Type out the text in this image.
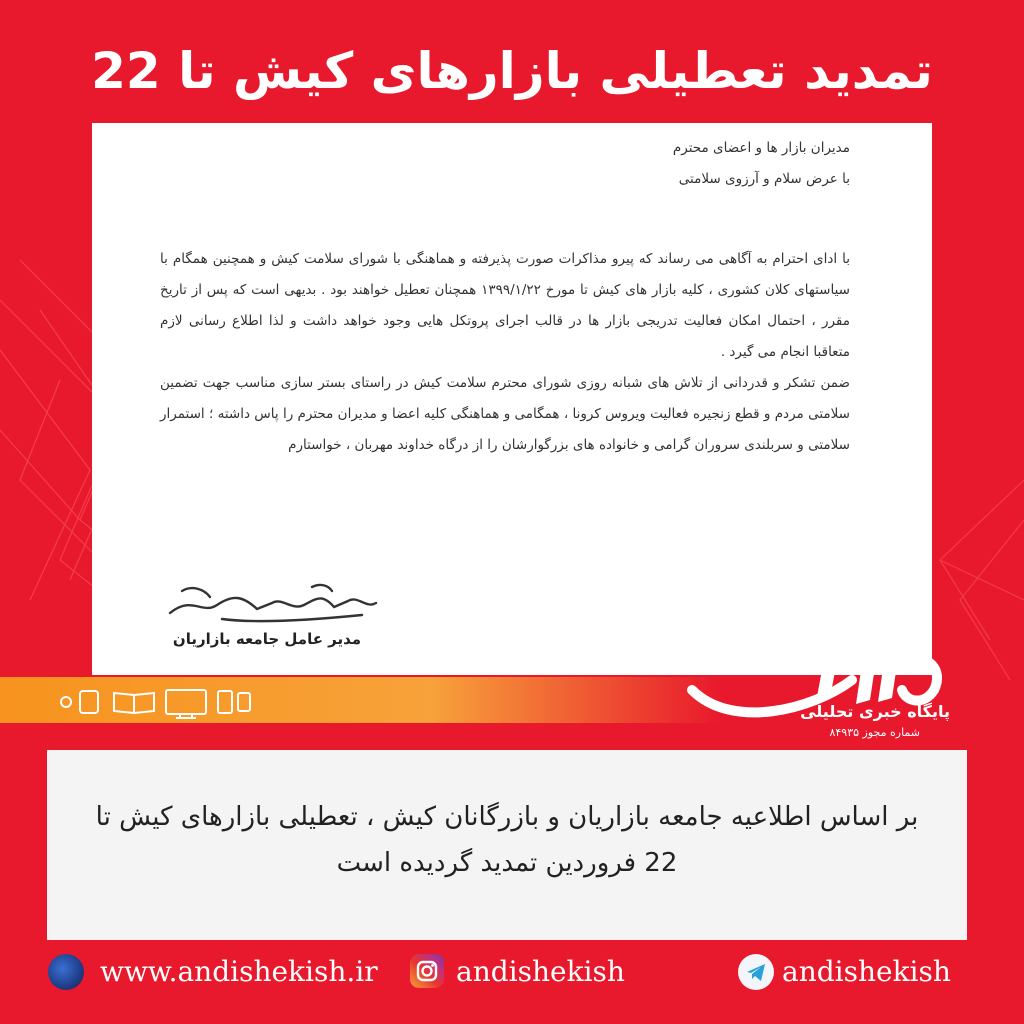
تمدید تعطیلی بازارهای کیش تا 22

مدیران بازار ها و اعضای محترم

با عرض سلام و آرزوی سلامتی

با ادای احترام به آگاهی می رساند که پیرو مذاکرات صورت پذیرفته و هماهنگی با شورای سلامت کیش و همچنین همگام با سیاستهای کلان کشوری ، کلیه بازار های کیش تا مورخ ۱۳۹۹/۱/۲۲ همچنان تعطیل خواهند بود . بدیهی است که پس از تاریخ مقرر ، احتمال امکان فعالیت تدریجی بازار ها در قالب اجرای پروتکل هایی وجود خواهد داشت و لذا اطلاع رسانی لازم متعاقبا انجام می گیرد .

ضمن تشکر و قدردانی از تلاش های شبانه روزی شورای محترم سلامت کیش در راستای بستر سازی مناسب جهت تضمین سلامتی مردم و قطع زنجیره فعالیت ویروس کرونا ، همگامی و هماهنگی کلیه اعضا و مدیران محترم را پاس داشته ؛ استمرار سلامتی و سربلندی سروران گرامی و خانواده های بزرگوارشان را از درگاه خداوند مهربان ، خواستارم

مدیر عامل جامعه بازاریان
پایگاه خبری تحلیلی
شماره مجوز ۸۴۹۳۵
بر اساس اطلاعیه جامعه بازاریان و بازرگانان کیش ، تعطیلی بازارهای کیش تا 22 فروردین تمدید گردیده است
www.andishekish.ir	andishekish	andishekish
